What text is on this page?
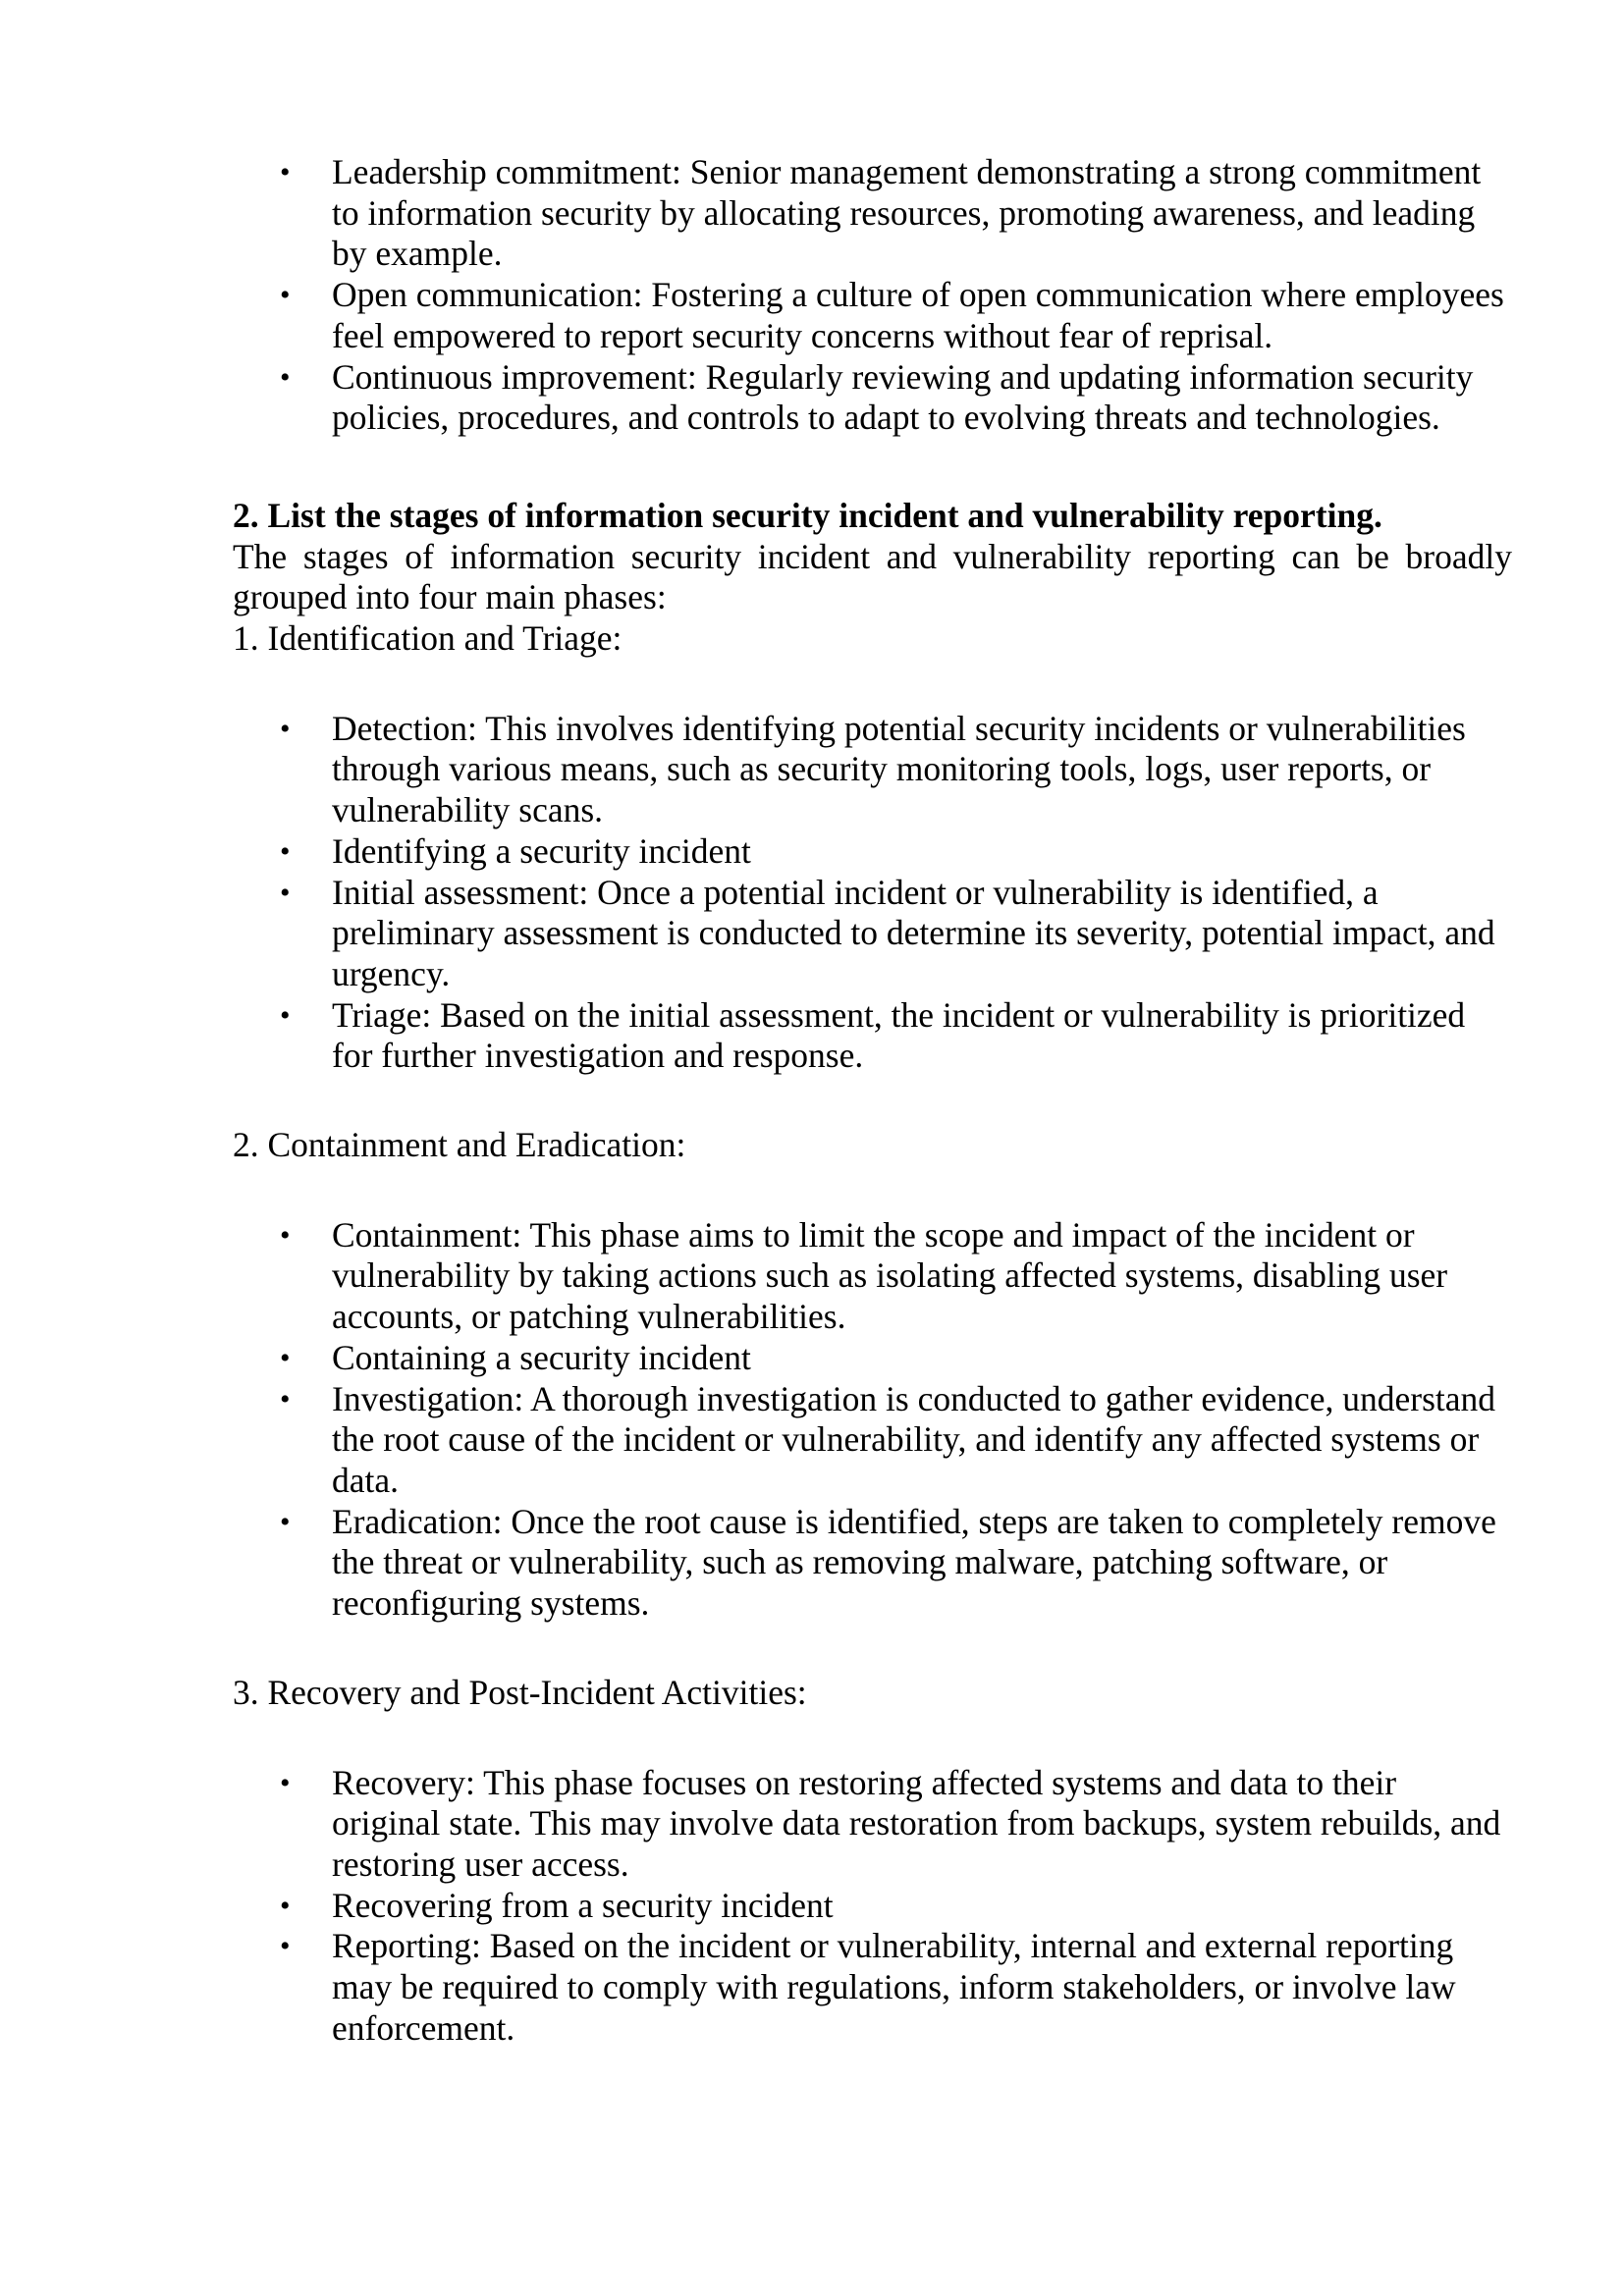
• Leadership commitment: Senior management demonstrating a strong commitment to information security by allocating resources, promoting awareness, and leading by example.
• Open communication: Fostering a culture of open communication where employees feel empowered to report security concerns without fear of reprisal.
• Continuous improvement: Regularly reviewing and updating information security policies, procedures, and controls to adapt to evolving threats and technologies.

2. List the stages of information security incident and vulnerability reporting.

The stages of information security incident and vulnerability reporting can be broadly grouped into four main phases:

1. Identification and Triage:

• Detection: This involves identifying potential security incidents or vulnerabilities through various means, such as security monitoring tools, logs, user reports, or vulnerability scans.
• Identifying a security incident
• Initial assessment: Once a potential incident or vulnerability is identified, a preliminary assessment is conducted to determine its severity, potential impact, and urgency.
• Triage: Based on the initial assessment, the incident or vulnerability is prioritized for further investigation and response.

2. Containment and Eradication:

• Containment: This phase aims to limit the scope and impact of the incident or vulnerability by taking actions such as isolating affected systems, disabling user accounts, or patching vulnerabilities.
• Containing a security incident
• Investigation: A thorough investigation is conducted to gather evidence, understand the root cause of the incident or vulnerability, and identify any affected systems or data.
• Eradication: Once the root cause is identified, steps are taken to completely remove the threat or vulnerability, such as removing malware, patching software, or reconfiguring systems.

3. Recovery and Post-Incident Activities:

• Recovery: This phase focuses on restoring affected systems and data to their original state. This may involve data restoration from backups, system rebuilds, and restoring user access.
• Recovering from a security incident
• Reporting: Based on the incident or vulnerability, internal and external reporting may be required to comply with regulations, inform stakeholders, or involve law enforcement.
